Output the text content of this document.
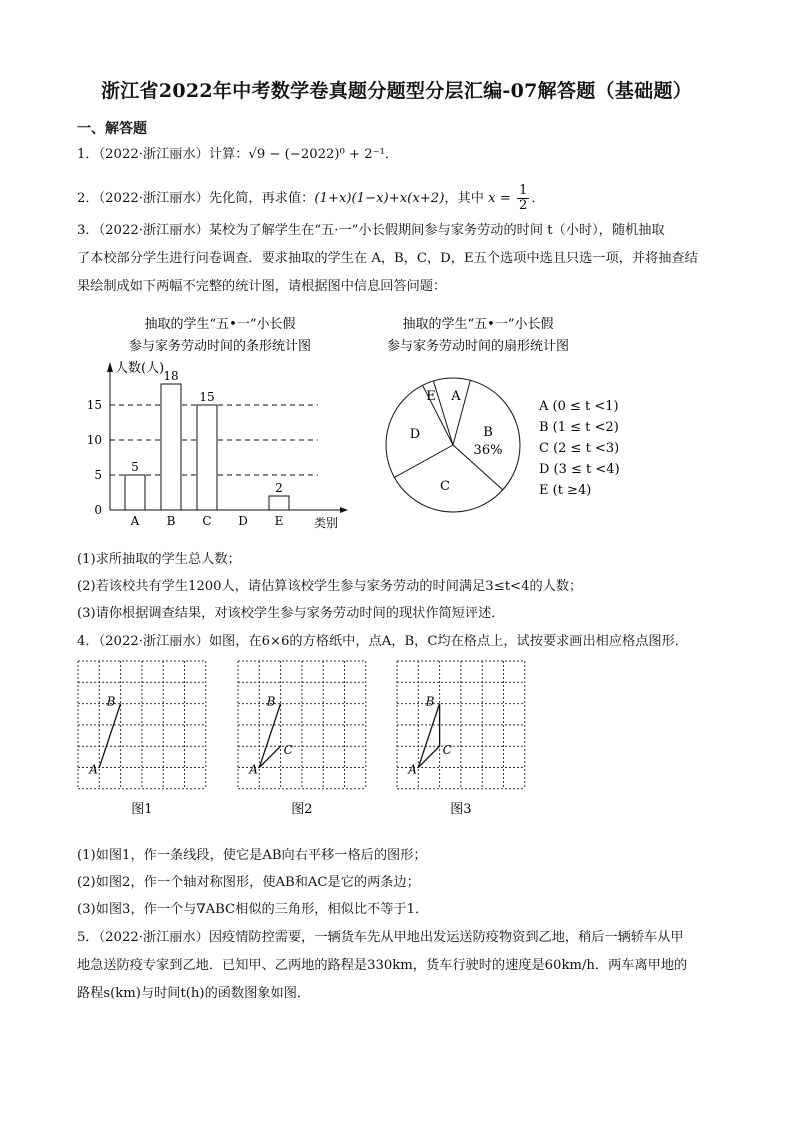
浙江省2022年中考数学卷真题分题型分层汇编-07解答题（基础题）
一、解答题
1．（2022·浙江丽水）计算：√9 − (−2022)⁰ + 2⁻¹．
2．（2022·浙江丽水）先化简，再求值：(1+x)(1−x)+x(x+2)，其中 $x = \frac{1}{2}$ ．
3．（2022·浙江丽水）某校为了解学生在“五·一”小长假期间参与家务劳动的时间 t（小时），随机抽取
了本校部分学生进行问卷调查．要求抽取的学生在 A，B，C，D，E五个选项中选且只选一项，并将抽查结
果绘制成如下两幅不完整的统计图，请根据图中信息回答问题：
抽取的学生“五•一”小长假
参与家务劳动时间的条形统计图
人数(人)
0
5
10
15
5
A
18
B
15
C D
2
E	类别
抽取的学生“五•一”小长假
参与家务劳动时间的扇形统计图
A
B
36%
C
D
E
A (0 ≤ t <1)
B (1 ≤ t <2)
C (2 ≤ t <3)
D (3 ≤ t <4)
E (t ≥4)
(1)求所抽取的学生总人数；
(2)若该校共有学生1200人，请估算该校学生参与家务劳动的时间满足3≤t<4的人数；
(3)请你根据调查结果，对该校学生参与家务劳动时间的现状作简短评述．
4．（2022·浙江丽水）如图，在6×6的方格纸中，点A，B，C均在格点上，试按要求画出相应格点图形．
A
B
图1
A
B
C
图2
A
B
C
图3
(1)如图1，作一条线段，使它是AB向右平移一格后的图形；
(2)如图2，作一个轴对称图形，使AB和AC是它的两条边；
(3)如图3，作一个与∇ABC相似的三角形，相似比不等于1．
5．（2022·浙江丽水）因疫情防控需要，一辆货车先从甲地出发运送防疫物资到乙地，稍后一辆轿车从甲
地急送防疫专家到乙地．已知甲、乙两地的路程是330km，货车行驶时的速度是60km/h．两车离甲地的
路程s(km)与时间t(h)的函数图象如图．
